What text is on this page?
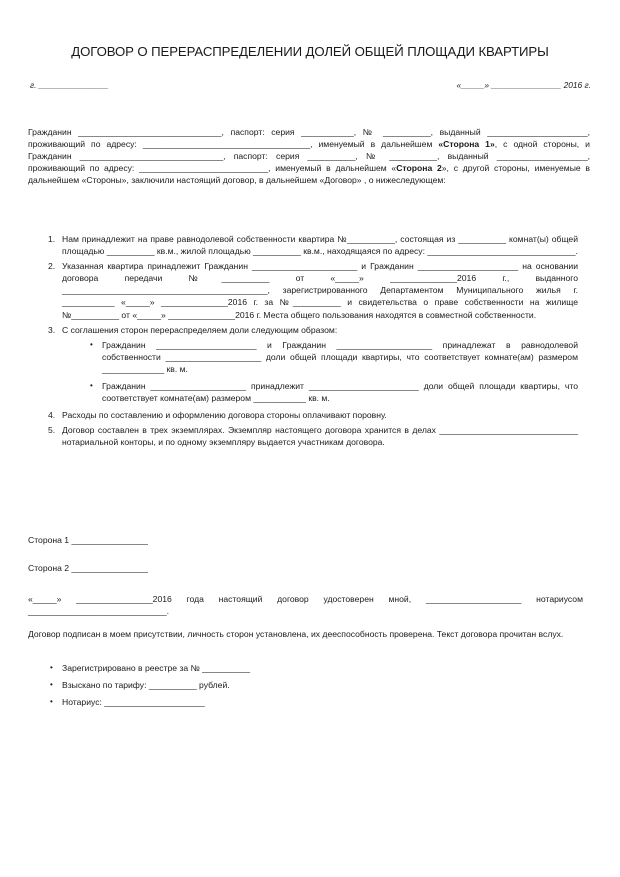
ДОГОВОР О ПЕРЕРАСПРЕДЕЛЕНИИ ДОЛЕЙ ОБЩЕЙ ПЛОЩАДИ КВАРТИРЫ
г. _______________	«_____» _______________ 2016 г.
Гражданин ______________________________, паспорт: серия ___________, № __________, выданный _____________________, проживающий по адресу: ___________________________________, именуемый в дальнейшем «Сторона 1», с одной стороны, и Гражданин ______________________________, паспорт: серия __________, № __________, выданный ___________________, проживающий по адресу: ___________________________, именуемый в дальнейшем «Сторона 2», с другой стороны, именуемые в дальнейшем «Стороны», заключили настоящий договор, в дальнейшем «Договор» , о нижеследующем:
1. Нам принадлежит на праве равнодолевой собственности квартира №__________, состоящая из __________ комнат(ы) общей площадью __________ кв.м., жилой площадью __________ кв.м., находящаяся по адресу: _______________________________.
2. Указанная квартира принадлежит Гражданин ______________________ и Гражданин _____________________ на основании договора передачи №__________ от «_____» ______________2016 г., выданного ___________________________________________, зарегистрированного Департаментом Муниципального жилья г. ___________ «_____» ______________2016 г. за №__________ и свидетельства о праве собственности на жилище №__________ от «_____» ______________2016 г. Места общего пользования находятся в совместной собственности.
3. С соглашения сторон перераспределяем доли следующим образом:
• Гражданин _____________________ и Гражданин ____________________ принадлежат в равнодолевой собственности ____________________ доли общей площади квартиры, что соответствует комнате(ам) размером _____________ кв. м.
• Гражданин ____________________ принадлежит _______________________ доли общей площади квартиры, что соответствует комнате(ам) размером ___________ кв. м.
4. Расходы по составлению и оформлению договора стороны оплачивают поровну.
5. Договор составлен в трех экземплярах. Экземпляр настоящего договора хранится в делах _____________________________ нотариальной конторы, и по одному экземпляру выдается участникам договора.
Сторона 1 ________________
Сторона 2 ________________
«_____» ________________2016 года настоящий договор удостоверен мной, ____________________ нотариусом _____________________________.
Договор подписан в моем присутствии, личность сторон установлена, их дееспособность проверена. Текст договора прочитан вслух.
• Зарегистрировано в реестре за № __________
• Взыскано по тарифу: __________ рублей.
• Нотариус: _____________________
